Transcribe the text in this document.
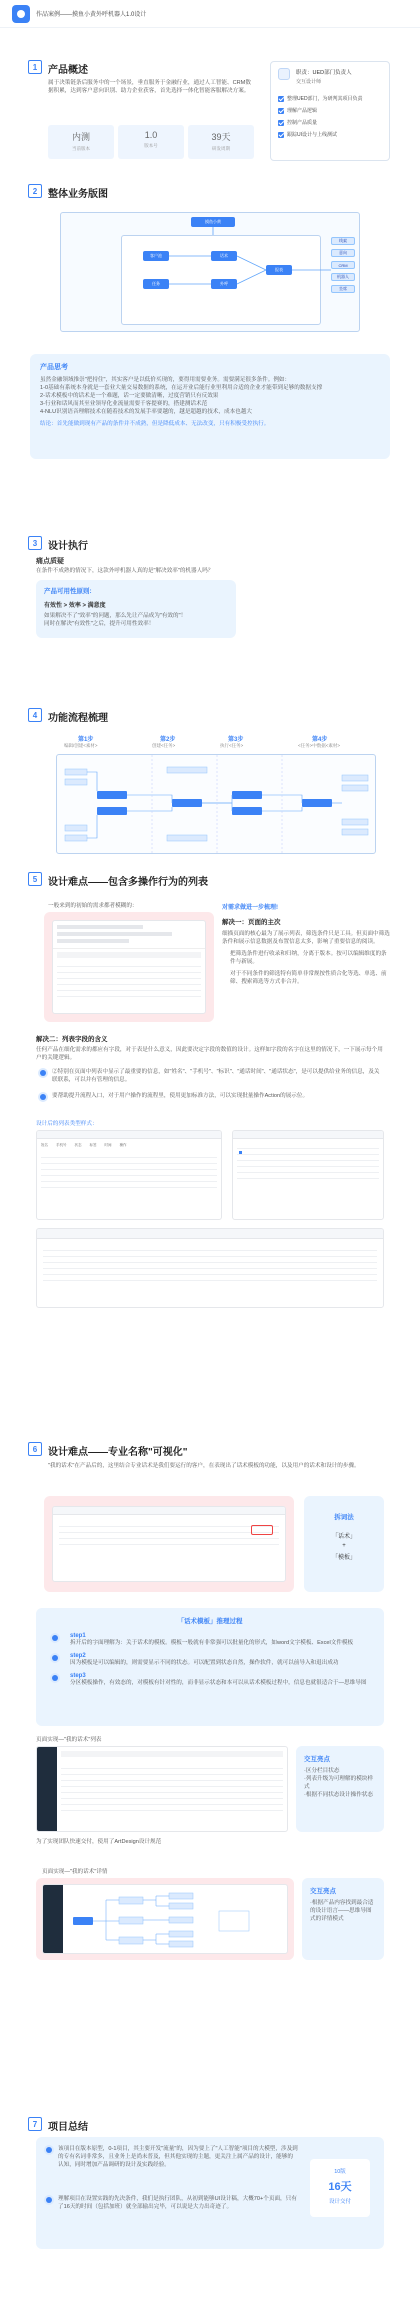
作品案例——摸鱼小黄外呼机器人1.0设计
1	产品概述
属于决策链条后服务中的一个场景，垂直服务于金融行业，通过人工智能、CRM数据积累，达到客户意向识别、助力企业获客，首先选择一体化智能客服解决方案。
内测
当前版本
1.0
版本号
39天
研发周期
职责：UED部门负责人
交互设计师
整理UED部门，为研判其项目负责
理解产品逻辑
控制产品质量
跟踪UI设计与上线测试
2	整体业务版图
摸鱼小黄
客户池
任务
话术
外呼
报表
线索
意向
CRM
机器人
坐席
产品思考
虽然金融领域推崇"把持住"，其实客户是以低价买现的，要得用需要业务。需要满足很多条件。例如：
1-0基础有系统本身就是一套业大量交易数据的系统，在运开业后能行业里利用合适的企业才能带到足够的数据支撑
2-话术模板中的话术是一个难题，话一定要做清晰，过度营销只有反效果
3-行业和话风而其至业领导化业流量需要千客提赛的，搭建测话术范
4-NLU识别语音理解技术在随着技术的发展手率要越的，越是超越的技术，成本也越大
结论：首先能做到现有产品的条件并不成熟，但是降低成本、无法改变，只有积极受控执行。
3	设计执行
痛点质疑
在条件不成熟的情况下，这款外呼机器人真的是"解决效率"的机器人吗？
产品可用性原则:
有效性 > 效率 > 满意度
如果解决不了"效率"的问题，那么先让产品成为"有效的"！
同时在解决"有效性"之后，提升可用性效率！
4	功能流程梳理
第1步
编辑/创建<素材>
第2步
创建<任务>
第3步
执行<任务>
第4步
<任务>中数据<素材>
5	设计难点——包含多操作行为的列表
一般来到的初始的需求都者模糊的：	对需求做进一步梳理!
解决一：页面的主次
细描页面的核心最为了展示列表，筛选条件只是工具。但页面中筛选条件和展示信息数据及布置信息太多，影响了重要信息的阅读。
把筛选条件进行收录和归纳，分离于版本。按可以编辑维度的条件与新展。
对于不同条件的筛选特有简单非常规按性质合化等选、单选、前筛、搜索筛选等方式非合并。
解决二：列表字段的含义
任何产品在细化需求的都应有字段，对于表是什么意义，因此要决定字段的数值的设计。这样如字段的名字在这里的情况下，一下展示每个用户的关键逻辑。
②特别在页面中列表中显示了最重要的信息，如"姓名"、"手机号"、"标识"、"通话时间"、"通话状态"，是可以提供给业务的信息，及关联联系，可以并有管理的信息。
要帮助提升流程入口，对于用户操作的流程里，使用更加标准方法，可以实现批量操作Action的展示位。
设计后的列表类型样式：
姓名 手机号 状态 标签 时间 操作
6	设计难点——专业名称"可视化"
"我的话术"在产品后的，这里结合专业话术是我们要运行的客户，在表现出了话术模板的功能，以及用户的话术和设计的步骤。
拆词法
「话术」
+
「模板」
「话术模板」推理过程
step1
拆开后的字面理解为：关于话术的模板。模板一般就有非常强可以批量化的形式，如word文字模板、Excel文件模板
step2
因为模板是可以编辑的，则需要显示不同的状态。可以配置到状态自然，操作软件，就可以前导入和退出成功
step3
分区模板操作，有效态的，对模板有针对性的，而非显示状态和本可以从话术模板过程中，信息也就很适合于—思维导图
页面实现—"我的话术"列表
交互亮点
·区分栏目状态
·列表升级为可理解的模块样式
·根据不同状态设计操作状态
为了实现团队快速交付，使用了ArtDesign设计规范
页面实现—"我的话术"详情
交互亮点
·根据产品内容找到最合适的设计语言——思维导图式的详情模式
7	项目总结
该项目在版本原型，0-1项目，其主要开发"流量"的，因为要上了"人工智能"项目的大模型，涉及到的专有名词非常多，且业务上是尚未普及，但其他实现的主题，更关注上属产品的设计，能够的认知，同时增加产品调研的设计及实践经验。
理解项目在设置实践的先决条件，我们是执行团队，从初到能够UI设计稿，大概70+个页面，只有了16天的时间（包括加班）就全部输出完毕，可以说是大力出奇迹了。
10版
16天
设计交付
